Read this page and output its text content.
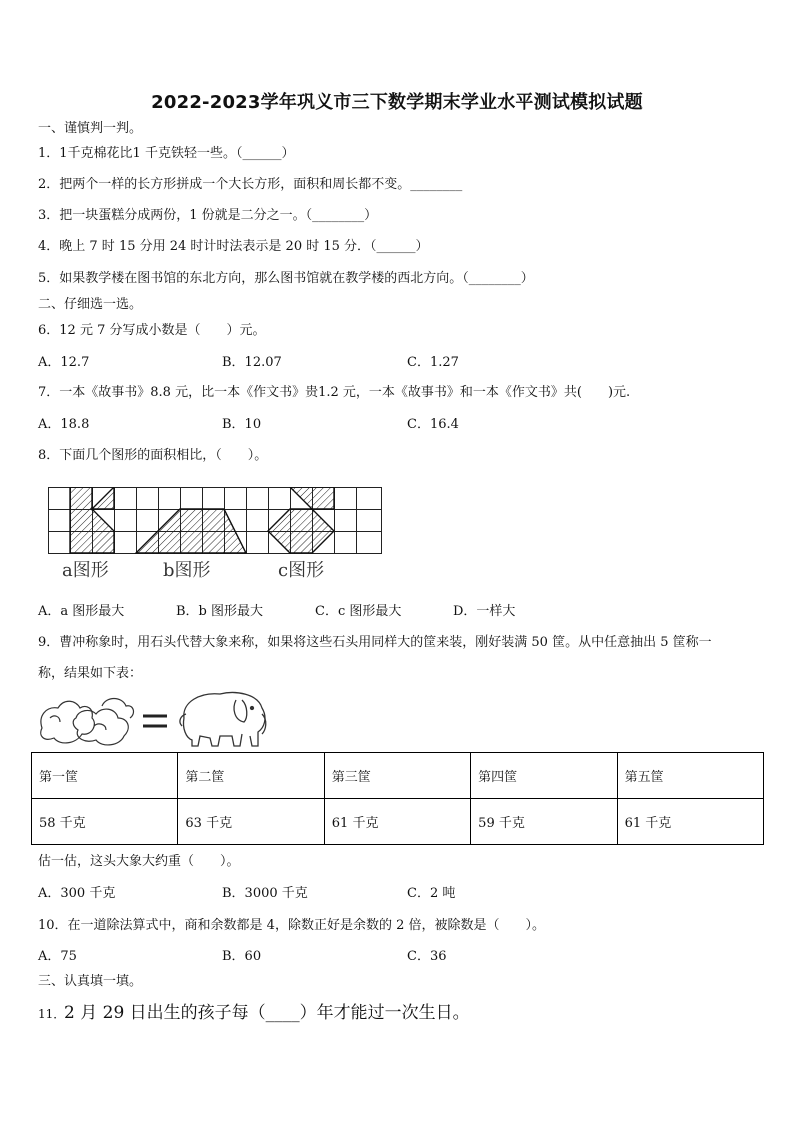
2022-2023学年巩义市三下数学期末学业水平测试模拟试题
一、谨慎判一判。
1．1千克棉花比1 千克铁轻一些。（______）
2．把两个一样的长方形拼成一个大长方形，面积和周长都不变。________
3．把一块蛋糕分成两份，1 份就是二分之一。（________）
4．晚上 7 时 15 分用 24 时计时法表示是 20 时 15 分．（______）
5．如果教学楼在图书馆的东北方向，那么图书馆就在教学楼的西北方向。（________）
二、仔细选一选。
6．12 元 7 分写成小数是（　　）元。
A．12.7	B．12.07	C．1.27
7．一本《故事书》8.8 元，比一本《作文书》贵1.2 元，一本《故事书》和一本《作文书》共(　　)元.
A．18.8	B．10	C．16.4
8．下面几个图形的面积相比，（　　）。
a图形	b图形	c图形
A．a 图形最大	B．b 图形最大	C．c 图形最大	D．一样大
9．曹冲称象时，用石头代替大象来称，如果将这些石头用同样大的筐来装，刚好装满 50 筐。从中任意抽出 5 筐称一
称，结果如下表：
第一筐	第二筐	第三筐	第四筐	第五筐
58 千克	63 千克	61 千克	59 千克	61 千克
估一估，这头大象大约重（　　）。
A．300 千克	B．3000 千克	C．2 吨
10．在一道除法算式中，商和余数都是 4，除数正好是余数的 2 倍，被除数是（　　）。
A．75	B．60	C．36
三、认真填一填。
11．
2 月 29 日出生的孩子每（____）年才能过一次生日。
